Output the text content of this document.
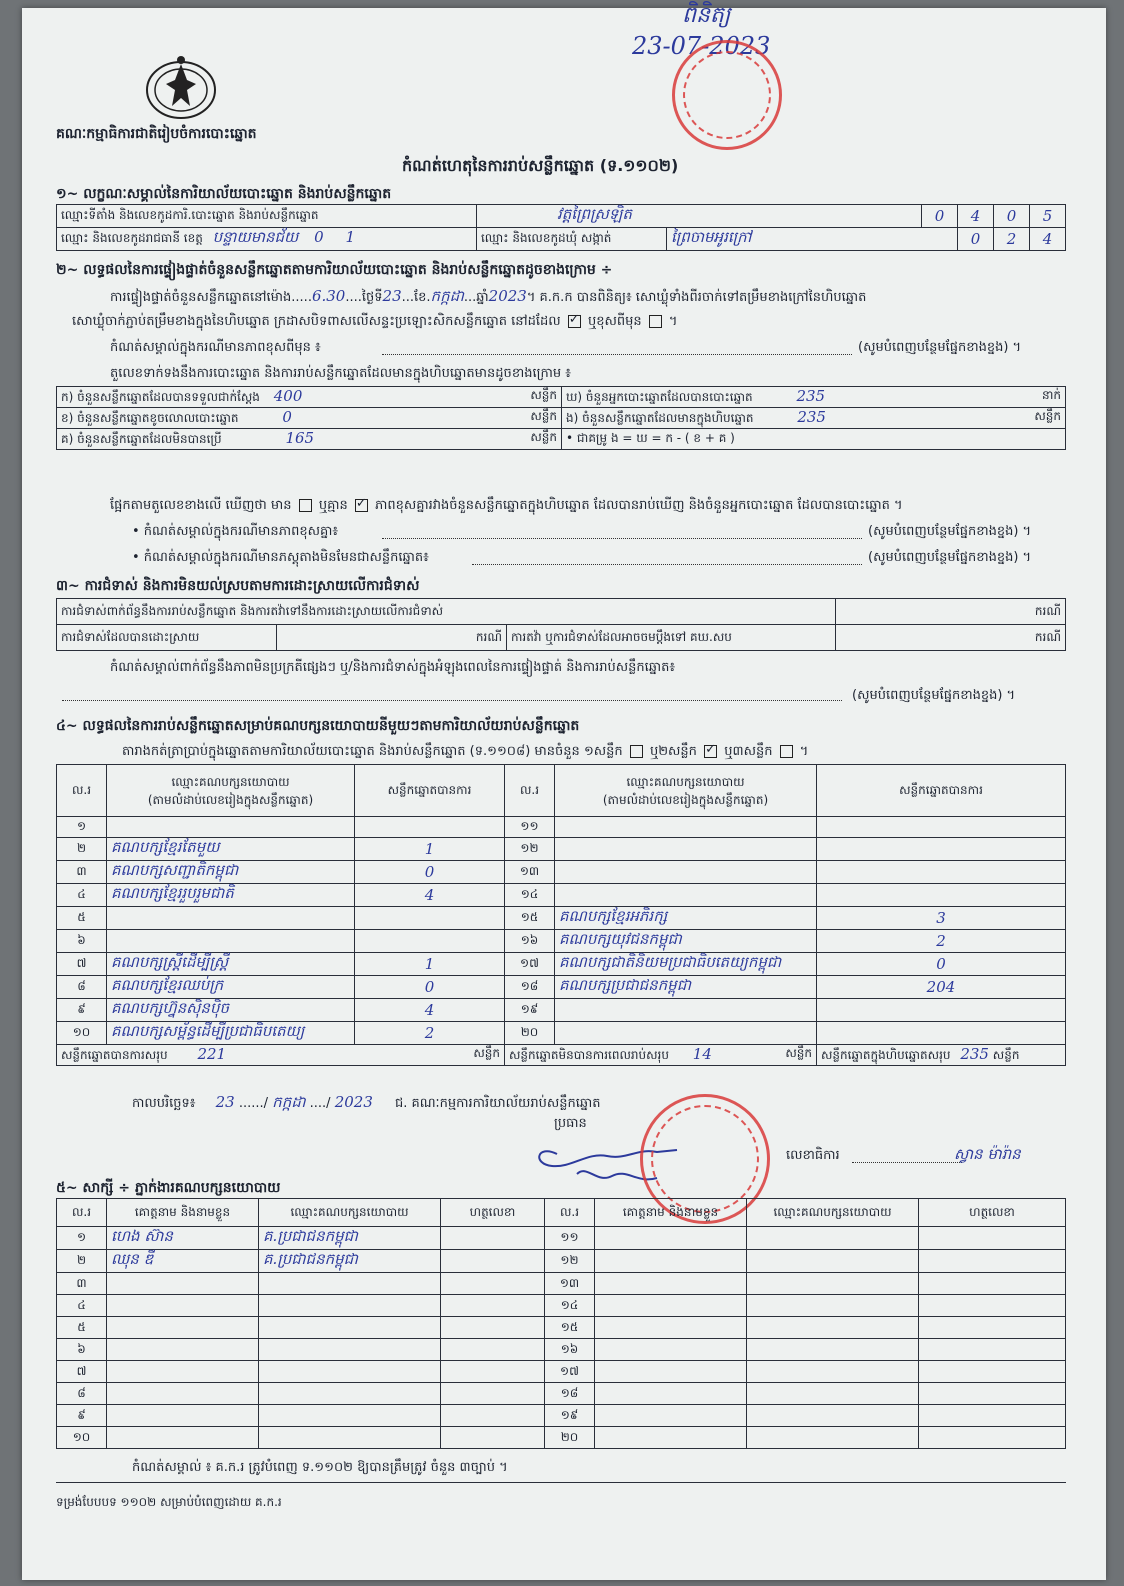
គណៈកម្មាធិការជាតិរៀបចំការបោះឆ្នោត
កំណត់ហេតុនៃការរាប់សន្លឹកឆ្នោត (ទ.១១០២)
ពិនិត្យ
23-07-2023
១~ លក្ខណៈសម្គាល់នៃការិយាល័យបោះឆ្នោត និងរាប់សន្លឹកឆ្នោត
ឈ្មោះទីតាំង និងលេខកូដការិ.បោះឆ្នោត និងរាប់សន្លឹកឆ្នោត	វត្តព្រៃស្រឡិត		0	4	0	5
ឈ្មោះ និងលេខកូដរាជធានី ខេត្ត បន្ទាយមានជ័យ 0 1	ឈ្មោះ និងលេខកូដឃុំ សង្កាត់	ព្រៃចាមអូរក្រៅ		0	2	4
២~ លទ្ធផលនៃការផ្ទៀងផ្ទាត់ចំនួនសន្លឹកឆ្នោតតាមការិយាល័យបោះឆ្នោត និងរាប់សន្លឹកឆ្នោតដូចខាងក្រោម ÷
ការផ្ទៀងផ្ទាត់ចំនួនសន្លឹកឆ្នោតនៅម៉ោង.....6.30....ថ្ងៃទី23...ខែ.កក្កដា...ឆ្នាំ2023។ គ.ក.ក បានពិនិត្យ៖ សោឃ្លុំទាំងពីរចាក់ទៅតម្រឹមខាងក្រៅនៃហិបឆ្នោត
សោឃ្លុំចាក់ភ្ជាប់តម្រឹមខាងក្នុងនៃហិបឆ្នោត ក្រដាសបិទពាសលើសន្ទះប្រឡោះសិកសន្លឹកឆ្នោត នៅដដែល ✓ ឬខុសពីមុន  ។
កំណត់សម្គាល់ក្នុងករណីមានភាពខុសពីមុន ៖	(សូមបំពេញបន្ថែមផ្នែកខាងខ្នង) ។
តួលេខទាក់ទងនឹងការបោះឆ្នោត និងការរាប់សន្លឹកឆ្នោតដែលមានក្នុងហិបឆ្នោតមានដូចខាងក្រោម ៖
ក) ចំនួនសន្លឹកឆ្នោតដែលបានទទួលជាក់ស្តែង 400 សន្លឹក	ឃ) ចំនួនអ្នកបោះឆ្នោតដែលបានបោះឆ្នោត 235 នាក់

ខ) ចំនួនសន្លឹកឆ្នោតខូចលោលបោះឆ្នោត 0 សន្លឹក	ង) ចំនួនសន្លឹកឆ្នោតដែលមានក្នុងហិបឆ្នោត 235 សន្លឹក

គ) ចំនួនសន្លឹកឆ្នោតដែលមិនបានប្រើ 165 សន្លឹក	• ជាគម្រូ ង = ឃ = ក - ( ខ + គ )
ផ្អែកតាមតួលេខខាងលើ ឃើញថា មាន ឬគ្មាន ✓ ភាពខុសគ្នារវាងចំនួនសន្លឹកឆ្នោតក្នុងហិបឆ្នោត ដែលបានរាប់ឃើញ និងចំនួនអ្នកបោះឆ្នោត ដែលបានបោះឆ្នោត ។
• កំណត់សម្គាល់ក្នុងករណីមានភាពខុសគ្នា៖	(សូមបំពេញបន្ថែមផ្នែកខាងខ្នង) ។
• កំណត់សម្គាល់ក្នុងករណីមានភស្តុតាងមិនមែនជាសន្លឹកឆ្នោត៖	(សូមបំពេញបន្ថែមផ្នែកខាងខ្នង) ។
៣~ ការជំទាស់ និងការមិនយល់ស្របតាមការដោះស្រាយលើការជំទាស់
ការជំទាស់ពាក់ព័ន្ធនឹងការរាប់សន្លឹកឆ្នោត និងការតវ៉ាទៅនឹងការដោះស្រាយលើការជំទាស់			ករណី
ការជំទាស់ដែលបានដោះស្រាយ	ករណី	ការតវ៉ា ឬការជំទាស់ដែលអាចចមប្តឹងទៅ គឃ.សប	ករណី
កំណត់សម្គាល់ពាក់ព័ន្ធនឹងភាពមិនប្រក្រតីផ្សេងៗ ឬ/និងការជំទាស់ក្នុងអំឡុងពេលនៃការផ្ទៀងផ្ទាត់ និងការរាប់សន្លឹកឆ្នោត៖
(សូមបំពេញបន្ថែមផ្នែកខាងខ្នង) ។
៤~ លទ្ធផលនៃការរាប់សន្លឹកឆ្នោតសម្រាប់គណបក្សនយោបាយនីមួយៗតាមការិយាល័យរាប់សន្លឹកឆ្នោត
តារាងកត់ត្រាប្រាប់ក្នុងឆ្នោតតាមការិយាល័យបោះឆ្នោត និងរាប់សន្លឹកឆ្នោត (ទ.១១០៨) មានចំនួន ១សន្លឹក ឬ២សន្លឹក ✓ ឬ៣សន្លឹក  ។
ល.រ	ឈ្មោះគណបក្សនយោបាយ
(តាមលំដាប់លេខរៀងក្នុងសន្លឹកឆ្នោត)	សន្លឹកឆ្នោតបានការ	ល.រ	ឈ្មោះគណបក្សនយោបាយ
(តាមលំដាប់លេខរៀងក្នុងសន្លឹកឆ្នោត)	សន្លឹកឆ្នោតបានការ
១			១១		
២	គណបក្សខ្មែរតែមួយ	1	១២		
៣	គណបក្សសញ្ជាតិកម្ពុជា	0	១៣		
៤	គណបក្សខ្មែររួបរួមជាតិ	4	១៤		
៥			១៥	គណបក្សខ្មែរអភិរក្ស	3
៦			១៦	គណបក្សយុវជនកម្ពុជា	2
៧	គណបក្សស្ត្រីដើម្បីស្ត្រី	1	១៧	គណបក្សជាតិនិយមប្រជាធិបតេយ្យកម្ពុជា	0
៨	គណបក្សខ្មែរឈប់ក្រ	0	១៨	គណបក្សប្រជាជនកម្ពុជា	204
៩	គណបក្សហ្វ៊ុនស៊ិនប៉ិច	4	១៩		
១០	គណបក្សសម្ព័ន្ធដើម្បីប្រជាធិបតេយ្យ	2	២០		
សន្លឹកឆ្នោតបានការសរុប 221 សន្លឹក			សន្លឹកឆ្នោតមិនបានការពេលរាប់សរុប 14 សន្លឹក		សន្លឹកឆ្នោតក្នុងហិបឆ្នោតសរុប 235 សន្លឹក
កាលបរិច្ឆេទ៖ 23 ....../ កក្កដា ..../ 2023 ជ. គណៈកម្មការការិយាល័យរាប់សន្លឹកឆ្នោត
ប្រធាន
លេខាធិការ	ស្វាន ម៉ារ៉ាន
៥~ សាក្សី ÷ ភ្នាក់ងារគណបក្សនយោបាយ
ល.រ	គោត្តនាម និងនាមខ្លួន	ឈ្មោះគណបក្សនយោបាយ	ហត្ថលេខា	ល.រ	គោត្តនាម និងនាមខ្លួន	ឈ្មោះគណបក្សនយោបាយ	ហត្ថលេខា
១	ហេង ស៊ាន	គ.ប្រជាជនកម្ពុជា		១១			
២	ឈុន ឌី	គ.ប្រជាជនកម្ពុជា		១២			
៣				១៣			
៤				១៤			
៥				១៥			
៦				១៦			
៧				១៧			
៨				១៨			
៩				១៩			
១០				២០			
កំណត់សម្គាល់ ៖ គ.ក.រ ត្រូវបំពេញ ទ.១១០២ ឱ្យបានត្រឹមត្រូវ ចំនួន ៣ច្បាប់ ។
ទម្រង់បែបបទ ១១០២ សម្រាប់បំពេញដោយ គ.ក.រ
